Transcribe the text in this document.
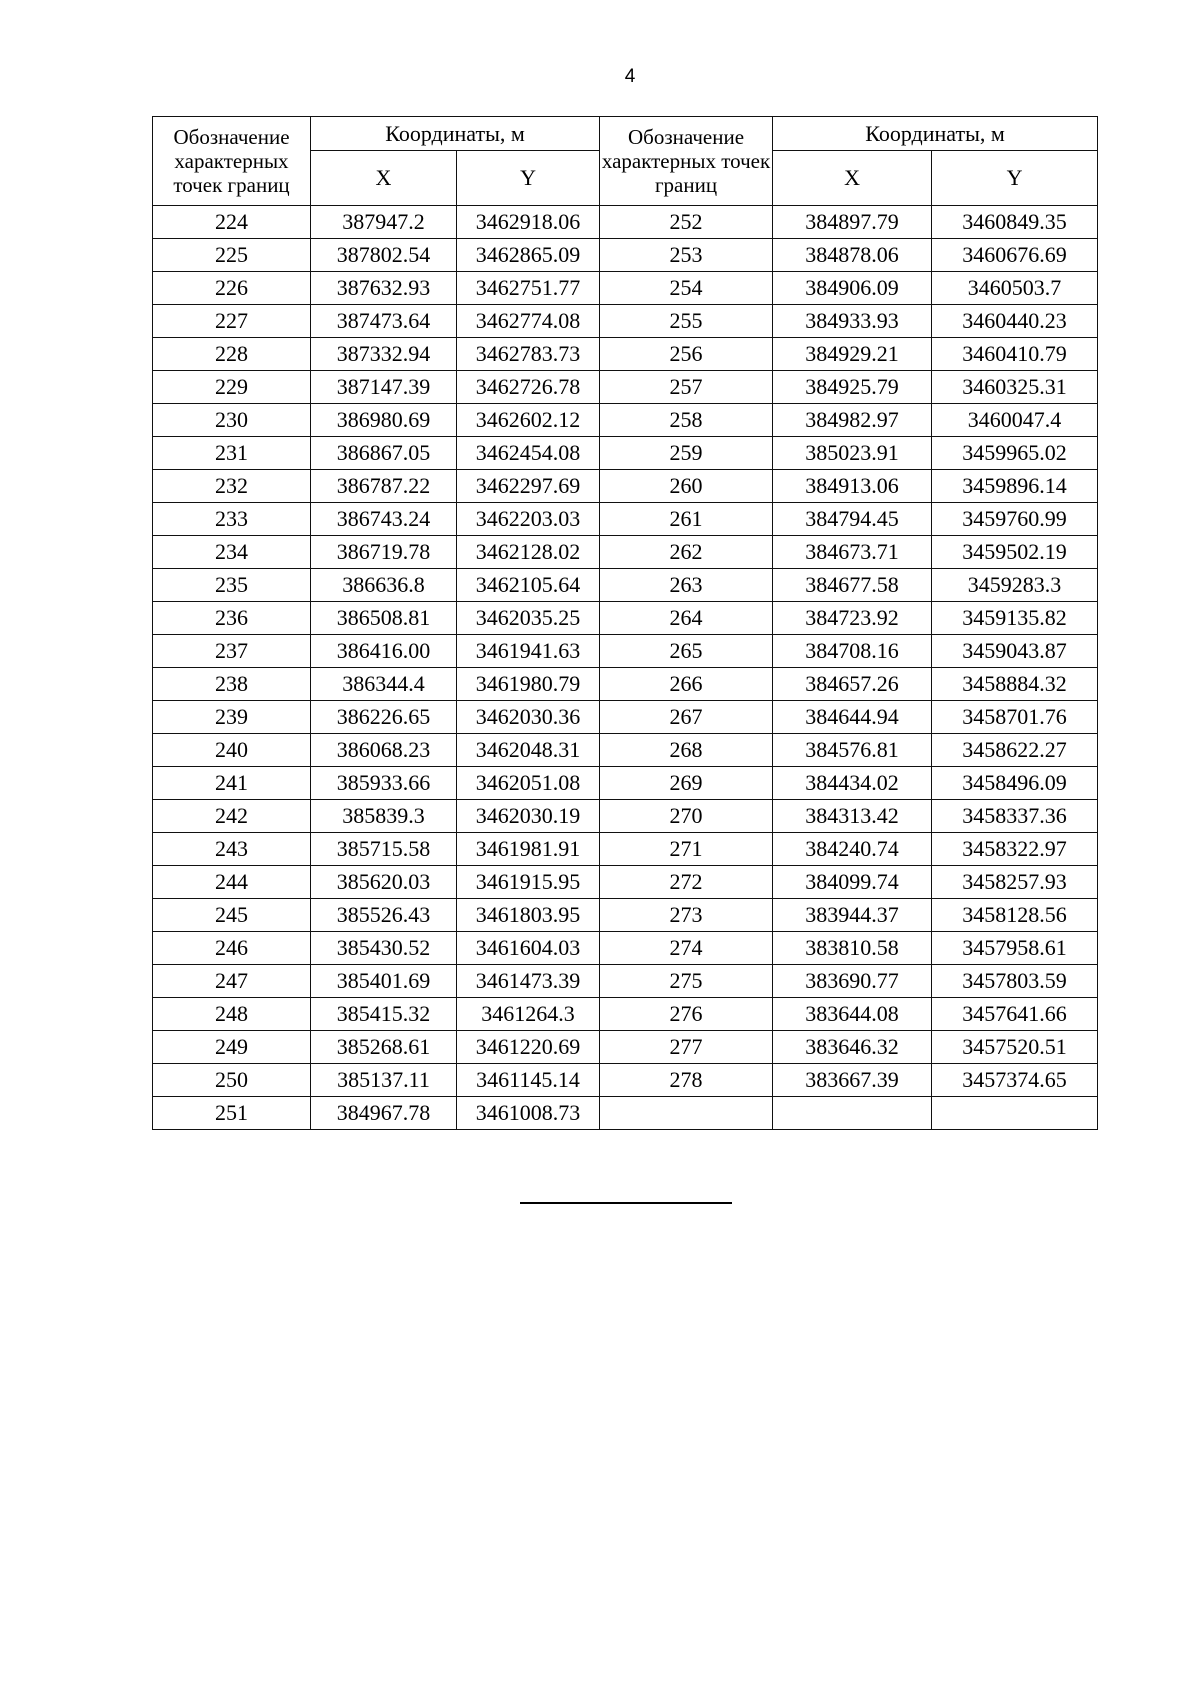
4
Обозначение характерных точек границ	Координаты, м		Обозначение характерных точек границ	Координаты, м	
	X	Y		X	Y
224	387947.2	3462918.06	252	384897.79	3460849.35
225	387802.54	3462865.09	253	384878.06	3460676.69
226	387632.93	3462751.77	254	384906.09	3460503.7
227	387473.64	3462774.08	255	384933.93	3460440.23
228	387332.94	3462783.73	256	384929.21	3460410.79
229	387147.39	3462726.78	257	384925.79	3460325.31
230	386980.69	3462602.12	258	384982.97	3460047.4
231	386867.05	3462454.08	259	385023.91	3459965.02
232	386787.22	3462297.69	260	384913.06	3459896.14
233	386743.24	3462203.03	261	384794.45	3459760.99
234	386719.78	3462128.02	262	384673.71	3459502.19
235	386636.8	3462105.64	263	384677.58	3459283.3
236	386508.81	3462035.25	264	384723.92	3459135.82
237	386416.00	3461941.63	265	384708.16	3459043.87
238	386344.4	3461980.79	266	384657.26	3458884.32
239	386226.65	3462030.36	267	384644.94	3458701.76
240	386068.23	3462048.31	268	384576.81	3458622.27
241	385933.66	3462051.08	269	384434.02	3458496.09
242	385839.3	3462030.19	270	384313.42	3458337.36
243	385715.58	3461981.91	271	384240.74	3458322.97
244	385620.03	3461915.95	272	384099.74	3458257.93
245	385526.43	3461803.95	273	383944.37	3458128.56
246	385430.52	3461604.03	274	383810.58	3457958.61
247	385401.69	3461473.39	275	383690.77	3457803.59
248	385415.32	3461264.3	276	383644.08	3457641.66
249	385268.61	3461220.69	277	383646.32	3457520.51
250	385137.11	3461145.14	278	383667.39	3457374.65
251	384967.78	3461008.73			
